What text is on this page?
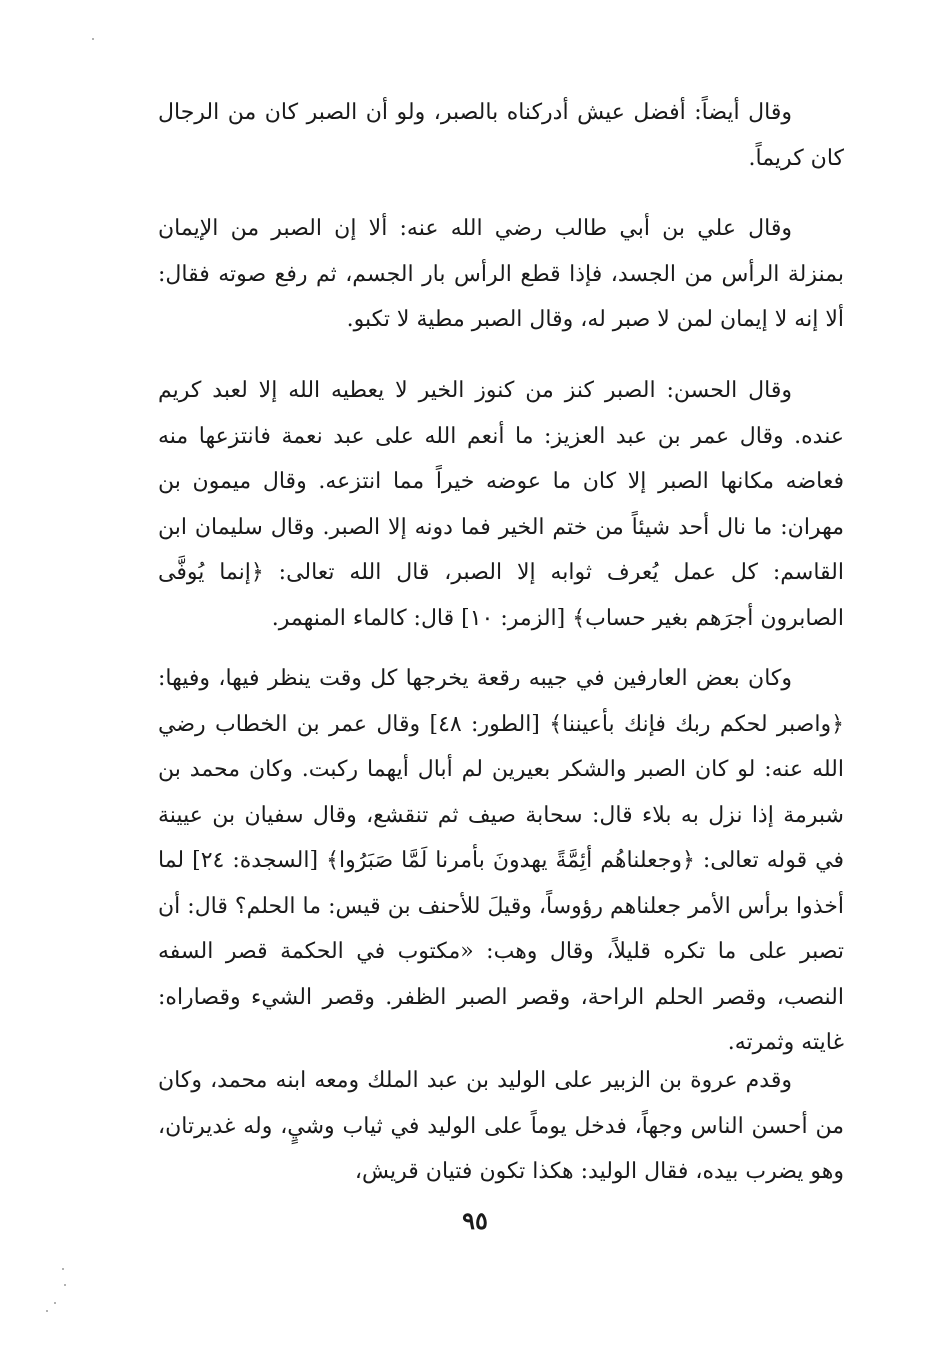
وقال أيضاً: أفضل عيش أدركناه بالصبر، ولو أن الصبر كان من الرجال كان كريماً.

وقال علي بن أبي طالب رضي الله عنه: ألا إن الصبر من الإيمان بمنزلة الرأس من الجسد، فإذا قطع الرأس بار الجسم، ثم رفع صوته فقال: ألا إنه لا إيمان لمن لا صبر له، وقال الصبر مطية لا تكبو.

وقال الحسن: الصبر كنز من كنوز الخير لا يعطيه الله إلا لعبد كريم عنده. وقال عمر بن عبد العزيز: ما أنعم الله على عبد نعمة فانتزعها منه فعاضه مكانها الصبر إلا كان ما عوضه خيراً مما انتزعه. وقال ميمون بن مهران: ما نال أحد شيئاً من ختم الخير فما دونه إلا الصبر. وقال سليمان ابن القاسم: كل عمل يُعرف ثوابه إلا الصبر، قال الله تعالى: ﴿إنما يُوفَّى الصابرون أجرَهم بغير حساب﴾ [الزمر: ١٠] قال: كالماء المنهمر.

وكان بعض العارفين في جيبه رقعة يخرجها كل وقت ينظر فيها، وفيها: ﴿واصبر لحكم ربك فإنك بأعيننا﴾ [الطور: ٤٨] وقال عمر بن الخطاب رضي الله عنه: لو كان الصبر والشكر بعيرين لم أبال أيهما ركبت. وكان محمد بن شبرمة إذا نزل به بلاء قال: سحابة صيف ثم تنقشع، وقال سفيان بن عيينة في قوله تعالى: ﴿وجعلناهُم أئِمَّةً يهدونَ بأمرنا لَمَّا صَبَرُوا﴾ [السجدة: ٢٤] لما أخذوا برأس الأمر جعلناهم رؤوساً، وقيلَ للأحنف بن قيس: ما الحلم؟ قال: أن تصبر على ما تكره قليلاً، وقال وهب: «مكتوب في الحكمة قصر السفه النصب، وقصر الحلم الراحة، وقصر الصبر الظفر. وقصر الشيء وقصاراه: غايته وثمرته.

وقدم عروة بن الزبير على الوليد بن عبد الملك ومعه ابنه محمد، وكان من أحسن الناس وجهاً، فدخل يوماً على الوليد في ثياب وشيٍ، وله غديرتان، وهو يضرب بيده، فقال الوليد: هكذا تكون فتيان قريش،

٩٥
